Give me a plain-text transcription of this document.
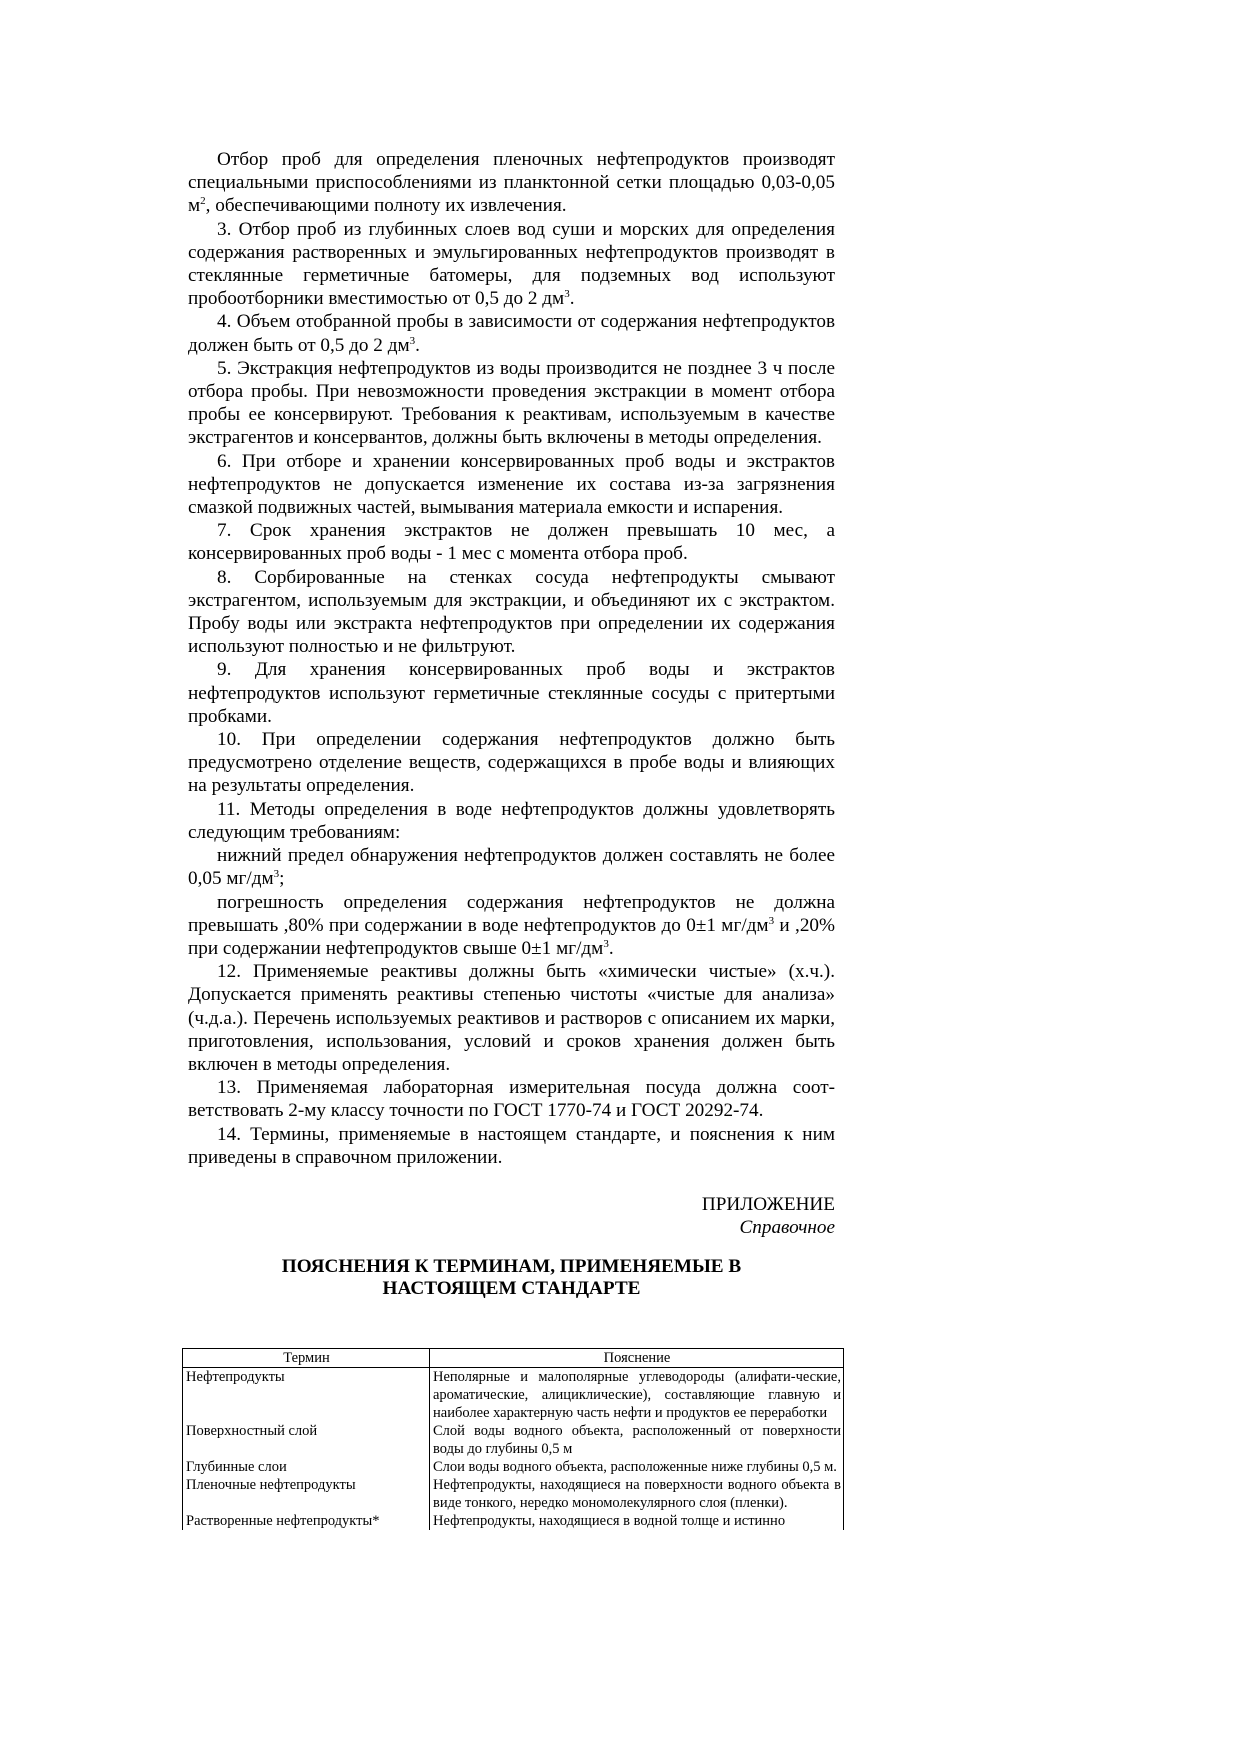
Отбор проб для определения пленочных нефтепродуктов производят специальными приспособлениями из планктонной сетки площадью 0,03-0,05 $м^2$, обеспечивающими полноту их извлечения.

3. Отбор проб из глубинных слоев вод суши и морских для определения содержания растворенных и эмульгированных нефтепродуктов производят в стеклянные герметичные батомеры, для подземных вод используют пробоотборники вместимостью от 0,5 до 2 $дм^3$.

4. Объем отобранной пробы в зависимости от содержания нефтепродуктов должен быть от 0,5 до 2 $дм^3$.

5. Экстракция нефтепродуктов из воды производится не позднее 3 ч после отбора пробы. При невозможности проведения экстракции в момент отбора пробы ее консервируют. Требования к реактивам, используемым в качестве экстрагентов и консервантов, должны быть включены в методы определения.

6. При отборе и хранении консервированных проб воды и экстрактов нефтепродуктов не допускается изменение их состава из-за загрязнения смазкой подвижных частей, вымывания материала емкости и испарения.

7. Срок хранения экстрактов не должен превышать 10 мес, а консервированных проб воды - 1 мес с момента отбора проб.

8. Сорбированные на стенках сосуда нефтепродукты смывают экстрагентом, используемым для экстракции, и объединяют их с экстрактом. Пробу воды или экстракта нефтепродуктов при определении их содержания используют полностью и не фильтруют.

9. Для хранения консервированных проб воды и экстрактов нефтепродуктов используют герметичные стеклянные сосуды с притертыми пробками.

10. При определении содержания нефтепродуктов должно быть предусмотрено отделение веществ, содержащихся в пробе воды и влияющих на результаты определения.

11. Методы определения в воде нефтепродуктов должны удовлетворять следующим требованиям:

нижний предел обнаружения нефтепродуктов должен составлять не более 0,05 $мг/дм^3$;

погрешность определения содержания нефтепродуктов не должна превышать ,80% при содержании в воде нефтепродуктов до 0±1 $мг/дм^3$ и ,20% при содержании нефтепродуктов свыше 0±1 $мг/дм^3$.

12. Применяемые реактивы должны быть «химически чистые» (х.ч.). Допускается применять реактивы степенью чистоты «чистые для анализа» (ч.д.а.). Перечень используемых реактивов и растворов с описанием их марки, приготовления, использования, условий и сроков хранения должен быть включен в методы определения.

13. Применяемая лабораторная измерительная посуда должна соот-ветствовать 2-му классу точности по ГОСТ 1770-74 и ГОСТ 20292-74.

14. Термины, применяемые в настоящем стандарте, и пояснения к ним приведены в справочном приложении.

ПРИЛОЖЕНИЕ
Справочное
ПОЯСНЕНИЯ К ТЕРМИНАМ, ПРИМЕНЯЕМЫЕ В НАСТОЯЩЕМ СТАНДАРТЕ
Термин	Пояснение
Нефтепродукты	Неполярные и малополярные углеводороды (алифати-ческие, ароматические, алициклические), составляющие главную и наиболее характерную часть нефти и продуктов ее переработки
Поверхностный слой	Слой воды водного объекта, расположенный от поверхности воды до глубины 0,5 м
Глубинные слои	Слои воды водного объекта, расположенные ниже глубины 0,5 м.
Пленочные нефтепродукты	Нефтепродукты, находящиеся на поверхности водного объекта в виде тонкого, нередко мономолекулярного слоя (пленки).
Растворенные нефтепродукты*	Нефтепродукты, находящиеся в водной толще и истинно
